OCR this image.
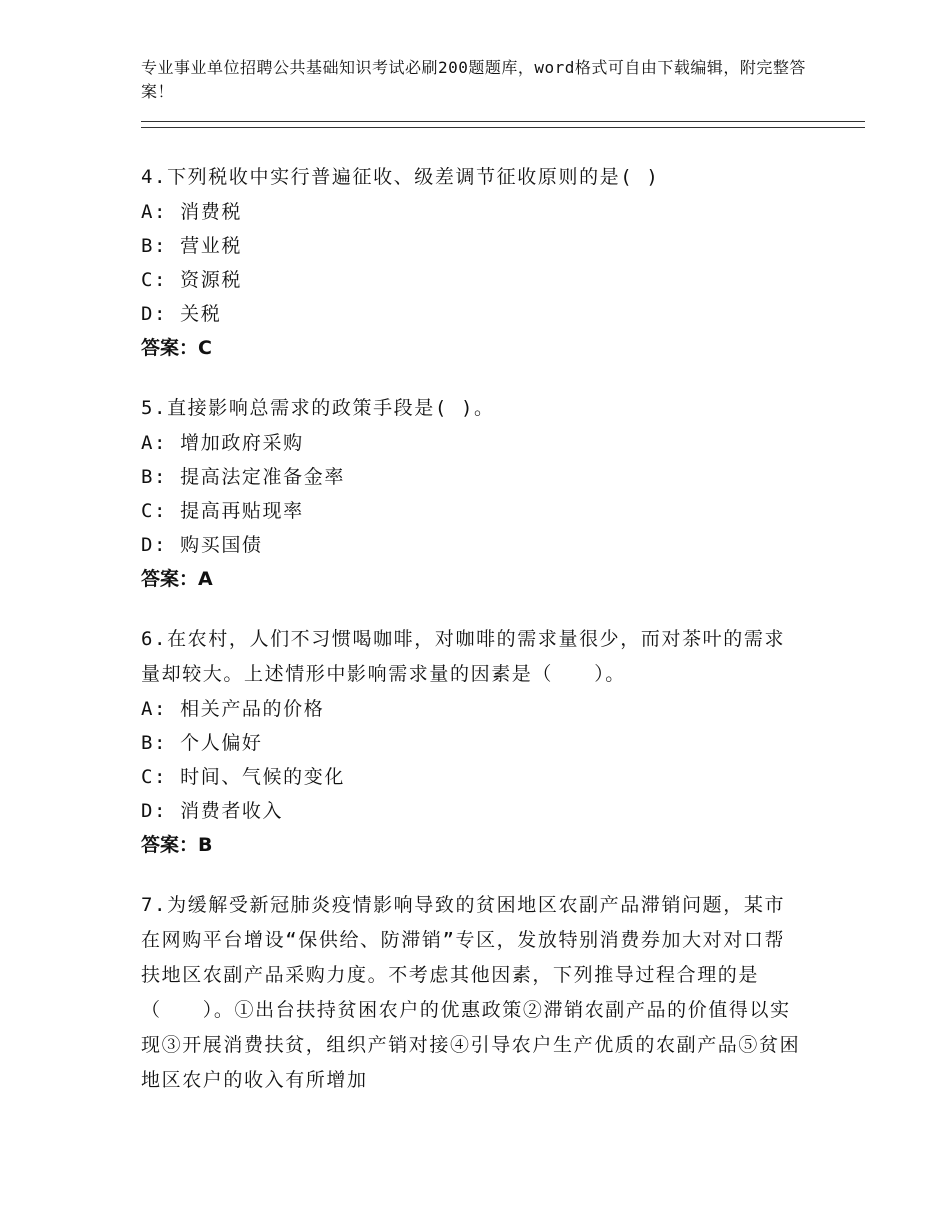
专业事业单位招聘公共基础知识考试必刷200题题库，word格式可自由下载编辑，附完整答案！

4.下列税收中实行普遍征收、级差调节征收原则的是( )

A: 消费税

B: 营业税

C: 资源税

D: 关税

答案：C

5.直接影响总需求的政策手段是( )。

A: 增加政府采购

B: 提高法定准备金率

C: 提高再贴现率

D: 购买国债

答案：A

6.在农村，人们不习惯喝咖啡，对咖啡的需求量很少，而对茶叶的需求量却较大。上述情形中影响需求量的因素是（　　）。

A: 相关产品的价格

B: 个人偏好

C: 时间、气候的变化

D: 消费者收入

答案：B

7.为缓解受新冠肺炎疫情影响导致的贫困地区农副产品滞销问题，某市在网购平台增设“保供给、防滞销”专区，发放特别消费券加大对对口帮扶地区农副产品采购力度。不考虑其他因素，下列推导过程合理的是（　　）。①出台扶持贫困农户的优惠政策②滞销农副产品的价值得以实现③开展消费扶贫，组织产销对接④引导农户生产优质的农副产品⑤贫困地区农户的收入有所增加
